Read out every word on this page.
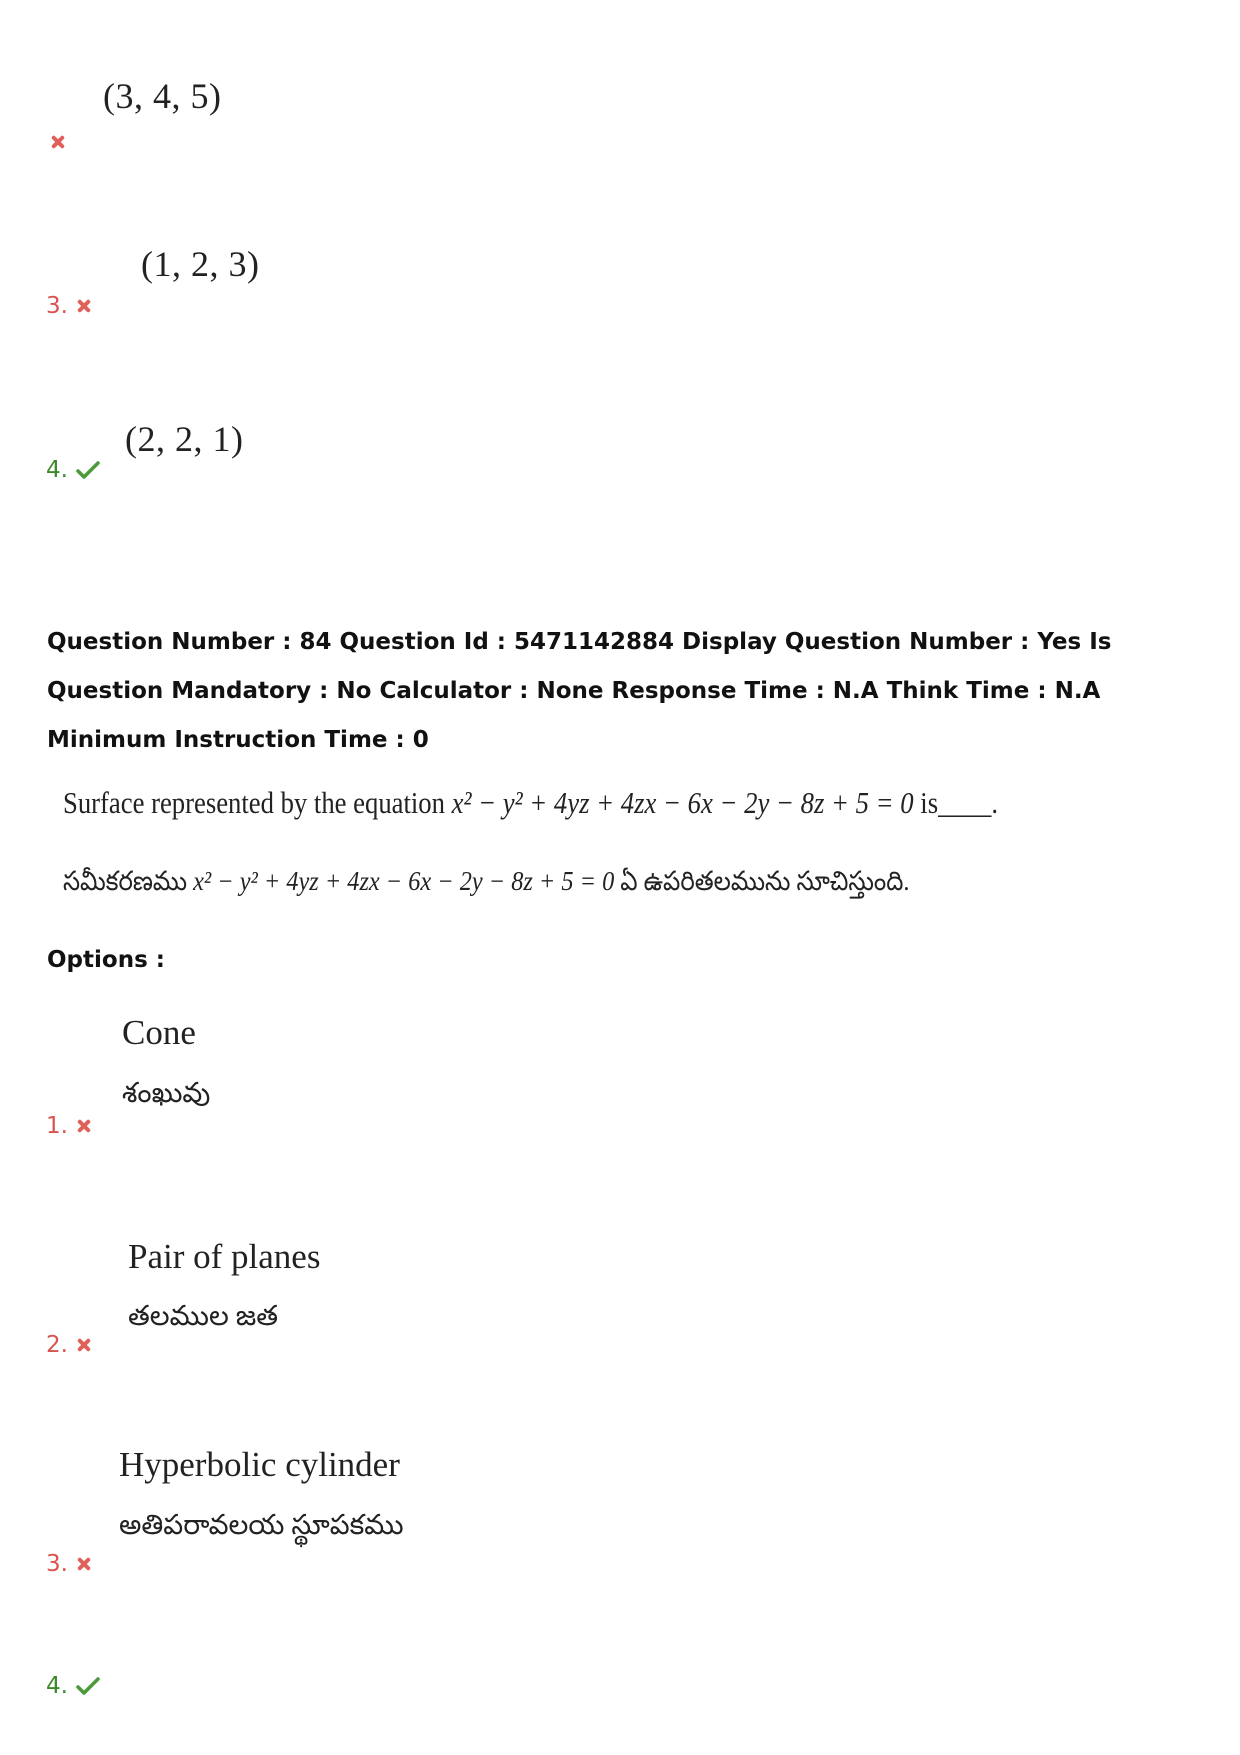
(3, 4, 5)
(1, 2, 3)
3.
(2, 2, 1)
4.
Question Number : 84 Question Id : 5471142884 Display Question Number : Yes Is Question Mandatory : No Calculator : None Response Time : N.A Think Time : N.A Minimum Instruction Time : 0
Surface represented by the equation x² − y² + 4yz + 4zx − 6x − 2y − 8z + 5 = 0 is____.
సమీకరణము x² − y² + 4yz + 4zx − 6x − 2y − 8z + 5 = 0 ఏ ఉపరితలమును సూచిస్తుంది.
Options :
Cone
శంఖువు
1.
Pair of planes
తలముల జత
2.
Hyperbolic cylinder
అతిపరావలయ స్థూపకము
3.
4.
